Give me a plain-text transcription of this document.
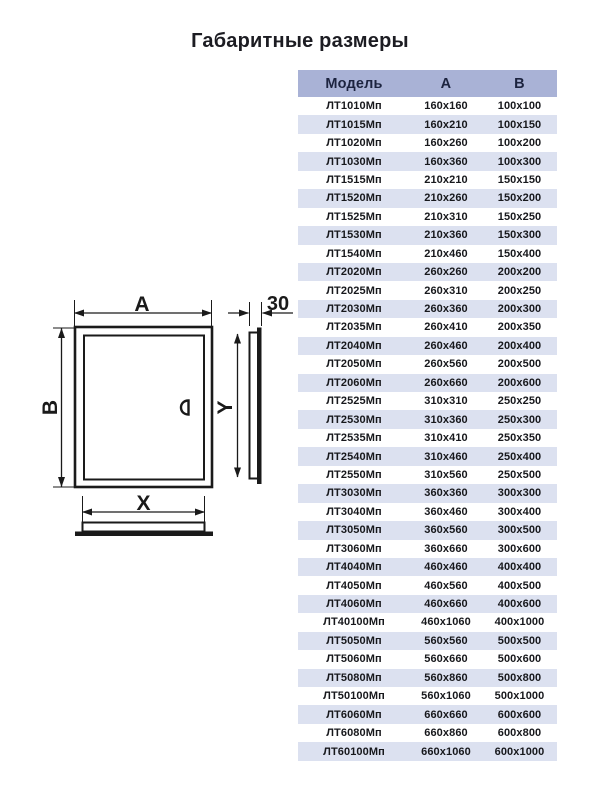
Габаритные размеры
A
B	Y
30
X
Модель	А	В
ЛТ1010Мп	160х160	100х100
ЛТ1015Мп	160х210	100х150
ЛТ1020Мп	160х260	100х200
ЛТ1030Мп	160х360	100х300
ЛТ1515Мп	210х210	150х150
ЛТ1520Мп	210х260	150х200
ЛТ1525Мп	210х310	150х250
ЛТ1530Мп	210х360	150х300
ЛТ1540Мп	210х460	150х400
ЛТ2020Мп	260х260	200х200
ЛТ2025Мп	260х310	200х250
ЛТ2030Мп	260х360	200х300
ЛТ2035Мп	260х410	200х350
ЛТ2040Мп	260х460	200х400
ЛТ2050Мп	260х560	200х500
ЛТ2060Мп	260х660	200х600
ЛТ2525Мп	310х310	250х250
ЛТ2530Мп	310х360	250х300
ЛТ2535Мп	310х410	250х350
ЛТ2540Мп	310х460	250х400
ЛТ2550Мп	310х560	250х500
ЛТ3030Мп	360х360	300х300
ЛТ3040Мп	360х460	300х400
ЛТ3050Мп	360х560	300х500
ЛТ3060Мп	360х660	300х600
ЛТ4040Мп	460х460	400х400
ЛТ4050Мп	460х560	400х500
ЛТ4060Мп	460х660	400х600
ЛТ40100Мп	460х1060	400х1000
ЛТ5050Мп	560х560	500х500
ЛТ5060Мп	560х660	500х600
ЛТ5080Мп	560х860	500х800
ЛТ50100Мп	560х1060	500х1000
ЛТ6060Мп	660х660	600х600
ЛТ6080Мп	660х860	600х800
ЛТ60100Мп	660х1060	600х1000
